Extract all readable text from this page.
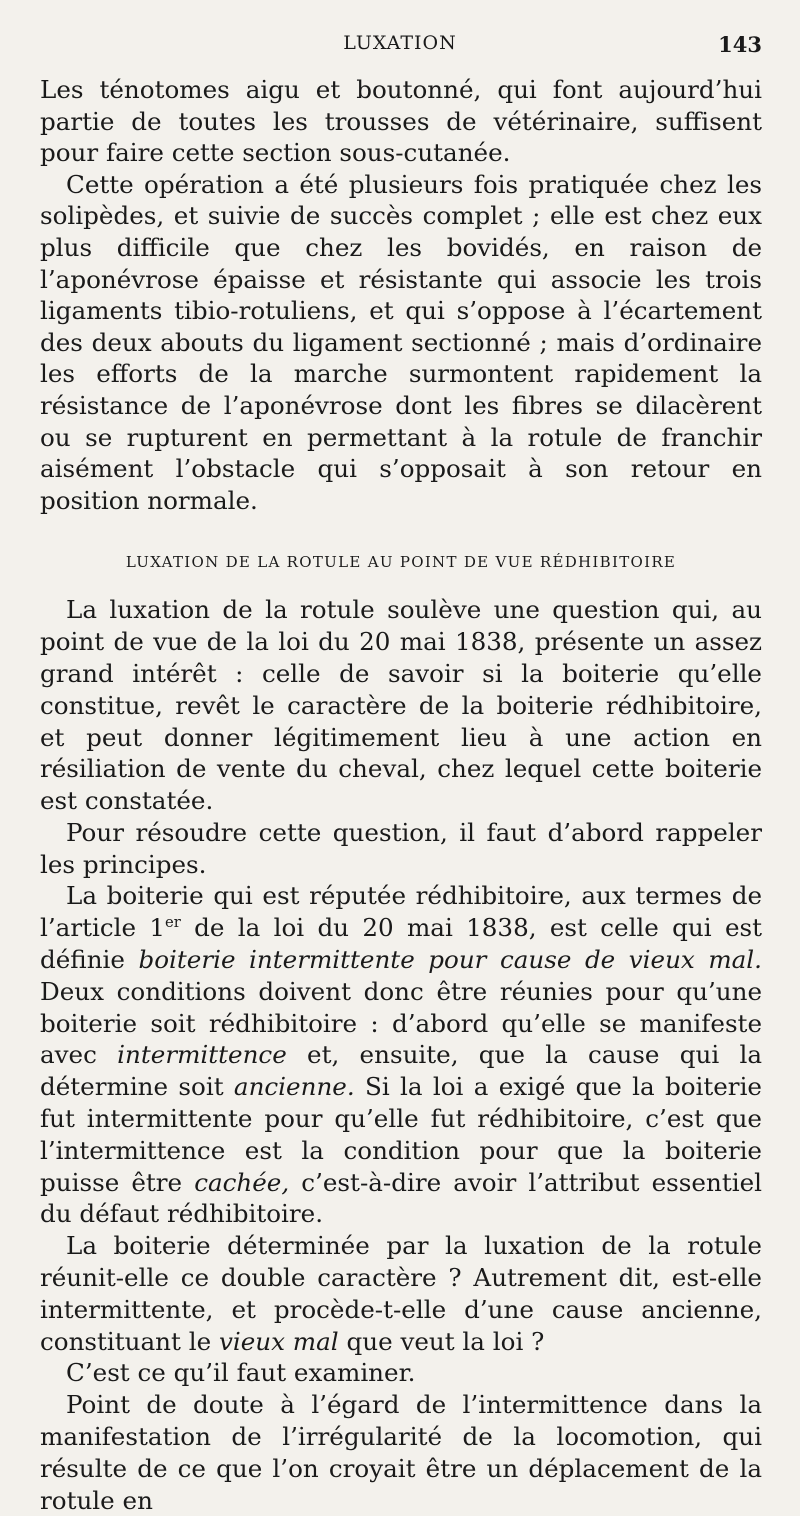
LUXATION	143

Les ténotomes aigu et boutonné, qui font aujourd’hui partie de toutes les trousses de vétérinaire, suffisent pour faire cette section sous-cutanée.

Cette opération a été plusieurs fois pratiquée chez les solipèdes, et suivie de succès complet ; elle est chez eux plus difficile que chez les bovidés, en raison de l’aponévrose épaisse et résistante qui associe les trois ligaments tibio-rotuliens, et qui s’oppose à l’écartement des deux abouts du ligament sectionné ; mais d’ordinaire les efforts de la marche surmontent rapidement la résistance de l’aponévrose dont les fibres se dilacèrent ou se rupturent en permettant à la rotule de franchir aisément l’obstacle qui s’opposait à son retour en position normale.

LUXATION DE LA ROTULE AU POINT DE VUE RÉDHIBITOIRE

La luxation de la rotule soulève une question qui, au point de vue de la loi du 20 mai 1838, présente un assez grand intérêt : celle de savoir si la boiterie qu’elle constitue, revêt le caractère de la boiterie rédhibitoire, et peut donner légitimement lieu à une action en résiliation de vente du cheval, chez lequel cette boiterie est constatée.

Pour résoudre cette question, il faut d’abord rappeler les principes.

La boiterie qui est réputée rédhibitoire, aux termes de l’article 1er de la loi du 20 mai 1838, est celle qui est définie boiterie intermittente pour cause de vieux mal. Deux conditions doivent donc être réunies pour qu’une boiterie soit rédhibitoire : d’abord qu’elle se manifeste avec intermittence et, ensuite, que la cause qui la détermine soit ancienne. Si la loi a exigé que la boiterie fut intermittente pour qu’elle fut rédhibitoire, c’est que l’intermittence est la condition pour que la boiterie puisse être cachée, c’est-à-dire avoir l’attribut essentiel du défaut rédhibitoire.

La boiterie déterminée par la luxation de la rotule réunit-elle ce double caractère ? Autrement dit, est-elle intermittente, et procède-t-elle d’une cause ancienne, constituant le vieux mal que veut la loi ?

C’est ce qu’il faut examiner.

Point de doute à l’égard de l’intermittence dans la manifestation de l’irrégularité de la locomotion, qui résulte de ce que l’on croyait être un déplacement de la rotule en
